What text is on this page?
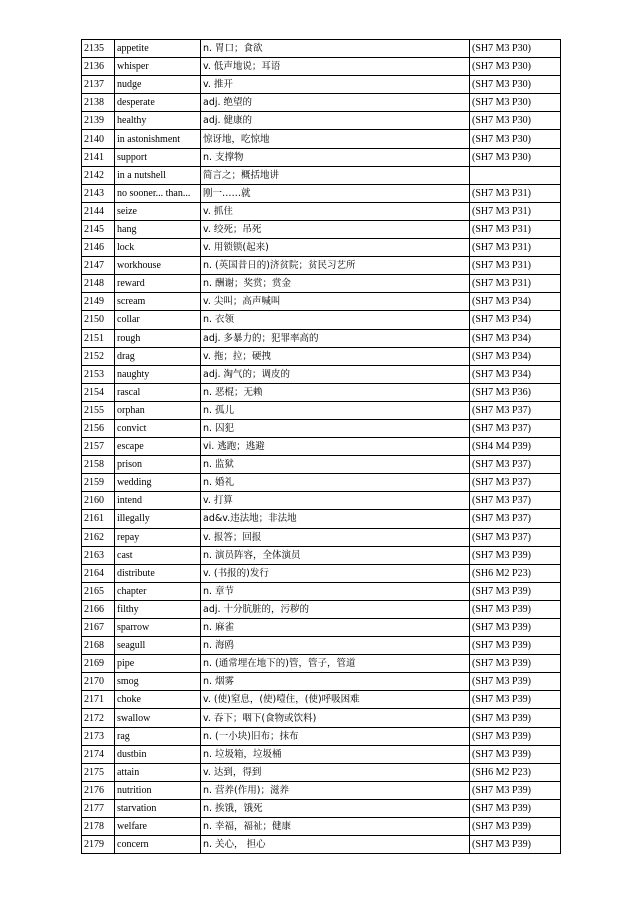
2135	appetite	n. 胃口；食欲	(SH7 M3 P30)
2136	whisper	v. 低声地说；耳语	(SH7 M3 P30)
2137	nudge	v. 推开	(SH7 M3 P30)
2138	desperate	adj. 绝望的	(SH7 M3 P30)
2139	healthy	adj. 健康的	(SH7 M3 P30)
2140	in astonishment	惊讶地，吃惊地	(SH7 M3 P30)
2141	support	n. 支撑物	(SH7 M3 P30)
2142	in a nutshell	简言之；概括地讲	
2143	no sooner... than...	刚一……就	(SH7 M3 P31)
2144	seize	v. 抓住	(SH7 M3 P31)
2145	hang	v. 绞死；吊死	(SH7 M3 P31)
2146	lock	v. 用锁锁(起来)	(SH7 M3 P31)
2147	workhouse	n. (英国昔日的)济贫院；贫民习艺所	(SH7 M3 P31)
2148	reward	n. 酬谢；奖赏；赏金	(SH7 M3 P31)
2149	scream	v. 尖叫；高声喊叫	(SH7 M3 P34)
2150	collar	n. 衣领	(SH7 M3 P34)
2151	rough	adj. 多暴力的；犯罪率高的	(SH7 M3 P34)
2152	drag	v. 拖；拉；硬拽	(SH7 M3 P34)
2153	naughty	adj. 淘气的；调皮的	(SH7 M3 P34)
2154	rascal	n. 恶棍；无赖	(SH7 M3 P36)
2155	orphan	n. 孤儿	(SH7 M3 P37)
2156	convict	n. 囚犯	(SH7 M3 P37)
2157	escape	vi. 逃跑；逃避	(SH4 M4 P39)
2158	prison	n. 监狱	(SH7 M3 P37)
2159	wedding	n. 婚礼	(SH7 M3 P37)
2160	intend	v. 打算	(SH7 M3 P37)
2161	illegally	ad&v.违法地；非法地	(SH7 M3 P37)
2162	repay	v. 报答；回报	(SH7 M3 P37)
2163	cast	n. 演员阵容，全体演员	(SH7 M3 P39)
2164	distribute	v. (书报的)发行	(SH6 M2 P23)
2165	chapter	n. 章节	(SH7 M3 P39)
2166	filthy	adj. 十分肮脏的，污秽的	(SH7 M3 P39)
2167	sparrow	n. 麻雀	(SH7 M3 P39)
2168	seagull	n. 海鸥	(SH7 M3 P39)
2169	pipe	n. (通常埋在地下的)管，管子，管道	(SH7 M3 P39)
2170	smog	n. 烟雾	(SH7 M3 P39)
2171	choke	v. (使)窒息，(使)噎住，(使)呼吸困难	(SH7 M3 P39)
2172	swallow	v. 吞下；咽下(食物或饮料)	(SH7 M3 P39)
2173	rag	n. (一小块)旧布；抹布	(SH7 M3 P39)
2174	dustbin	n. 垃圾箱，垃圾桶	(SH7 M3 P39)
2175	attain	v. 达到，得到	(SH6 M2 P23)
2176	nutrition	n. 营养(作用)；滋养	(SH7 M3 P39)
2177	starvation	n. 挨饿，饿死	(SH7 M3 P39)
2178	welfare	n. 幸福，福祉；健康	(SH7 M3 P39)
2179	concern	n. 关心， 担心	(SH7 M3 P39)
